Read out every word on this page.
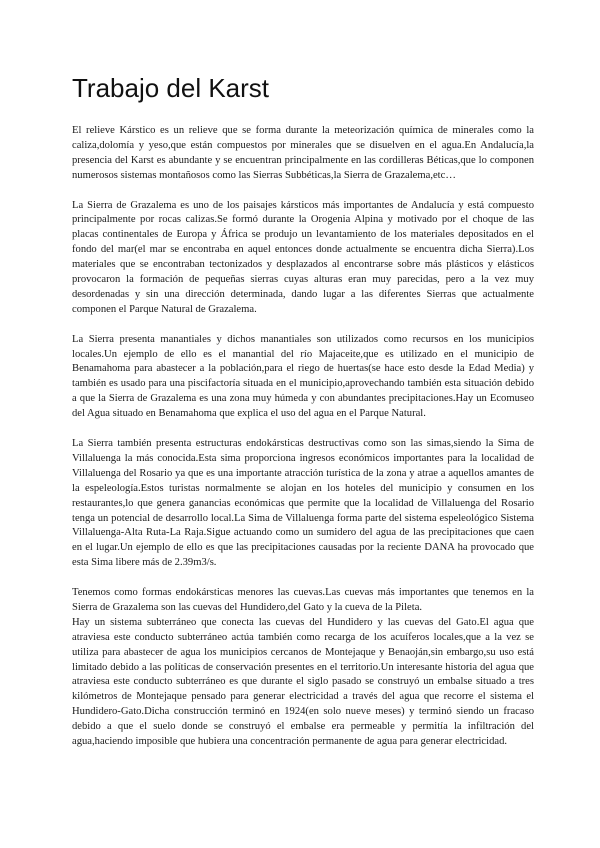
Trabajo del Karst

El relieve Kárstico es un relieve que se forma durante la meteorización química de minerales como la caliza,dolomía y yeso,que están compuestos por minerales que se disuelven en el agua.En Andalucía,la presencia del Karst es abundante y se encuentran principalmente en las cordilleras Béticas,que lo componen numerosos sistemas montañosos como las Sierras Subbéticas,la Sierra de Grazalema,etc…

La Sierra de Grazalema es uno de los paisajes kársticos más importantes de Andalucía y está compuesto principalmente por rocas calizas.Se formó durante la Orogenia Alpina y motivado por el choque de las placas continentales de Europa y África se produjo un levantamiento de los materiales depositados en el fondo del mar(el mar se encontraba en aquel entonces donde actualmente se encuentra dicha Sierra).Los materiales que se encontraban tectonizados y desplazados al encontrarse sobre más plásticos y elásticos provocaron la formación de pequeñas sierras cuyas alturas eran muy parecidas, pero a la vez muy desordenadas y sin una dirección determinada, dando lugar a las diferentes Sierras que actualmente componen el Parque Natural de Grazalema.

La Sierra presenta manantiales y dichos manantiales son utilizados como recursos en los municipios locales.Un ejemplo de ello es el manantial del río Majaceite,que es utilizado en el municipio de Benamahoma para abastecer a la población,para el riego de huertas(se hace esto desde la Edad Media) y también es usado para una piscifactoría situada en el municipio,aprovechando también esta situación debido a que la Sierra de Grazalema es una zona muy húmeda y con abundantes precipitaciones.Hay un Ecomuseo del Agua situado en Benamahoma que explica el uso del agua en el Parque Natural.

La Sierra también presenta estructuras endokársticas destructivas como son las simas,siendo la Sima de Villaluenga la más conocida.Esta sima proporciona ingresos económicos importantes para la localidad de Villaluenga del Rosario ya que es una importante atracción turística de la zona y atrae a aquellos amantes de la espeleología.Estos turistas normalmente se alojan en los hoteles del municipio y consumen en los restaurantes,lo que genera ganancias económicas que permite que la localidad de Villaluenga del Rosario tenga un potencial de desarrollo local.La Sima de Villaluenga forma parte del sistema espeleológico Sistema Villaluenga-Alta Ruta-La Raja.Sigue actuando como un sumidero del agua de las precipitaciones que caen en el lugar.Un ejemplo de ello es que las precipitaciones causadas por la reciente DANA ha provocado que esta Sima libere más de 2.39m3/s.

Tenemos como formas endokársticas menores las cuevas.Las cuevas más importantes que tenemos en la Sierra de Grazalema son las cuevas del Hundidero,del Gato y la cueva de la Pileta.

Hay un sistema subterráneo que conecta las cuevas del Hundidero y las cuevas del Gato.El agua que atraviesa este conducto subterráneo actúa también como recarga de los acuíferos locales,que a la vez se utiliza para abastecer de agua los municipios cercanos de Montejaque y Benaoján,sin embargo,su uso está limitado debido a las políticas de conservación presentes en el territorio.Un interesante historia del agua que atraviesa este conducto subterráneo es que durante el siglo pasado se construyó un embalse situado a tres kilómetros de Montejaque pensado para generar electricidad a través del agua que recorre el sistema el Hundidero-Gato.Dicha construcción terminó en 1924(en solo nueve meses) y terminó siendo un fracaso debido a que el suelo donde se construyó el embalse era permeable y permitía la infiltración del agua,haciendo imposible que hubiera una concentración permanente de agua para generar electricidad.
